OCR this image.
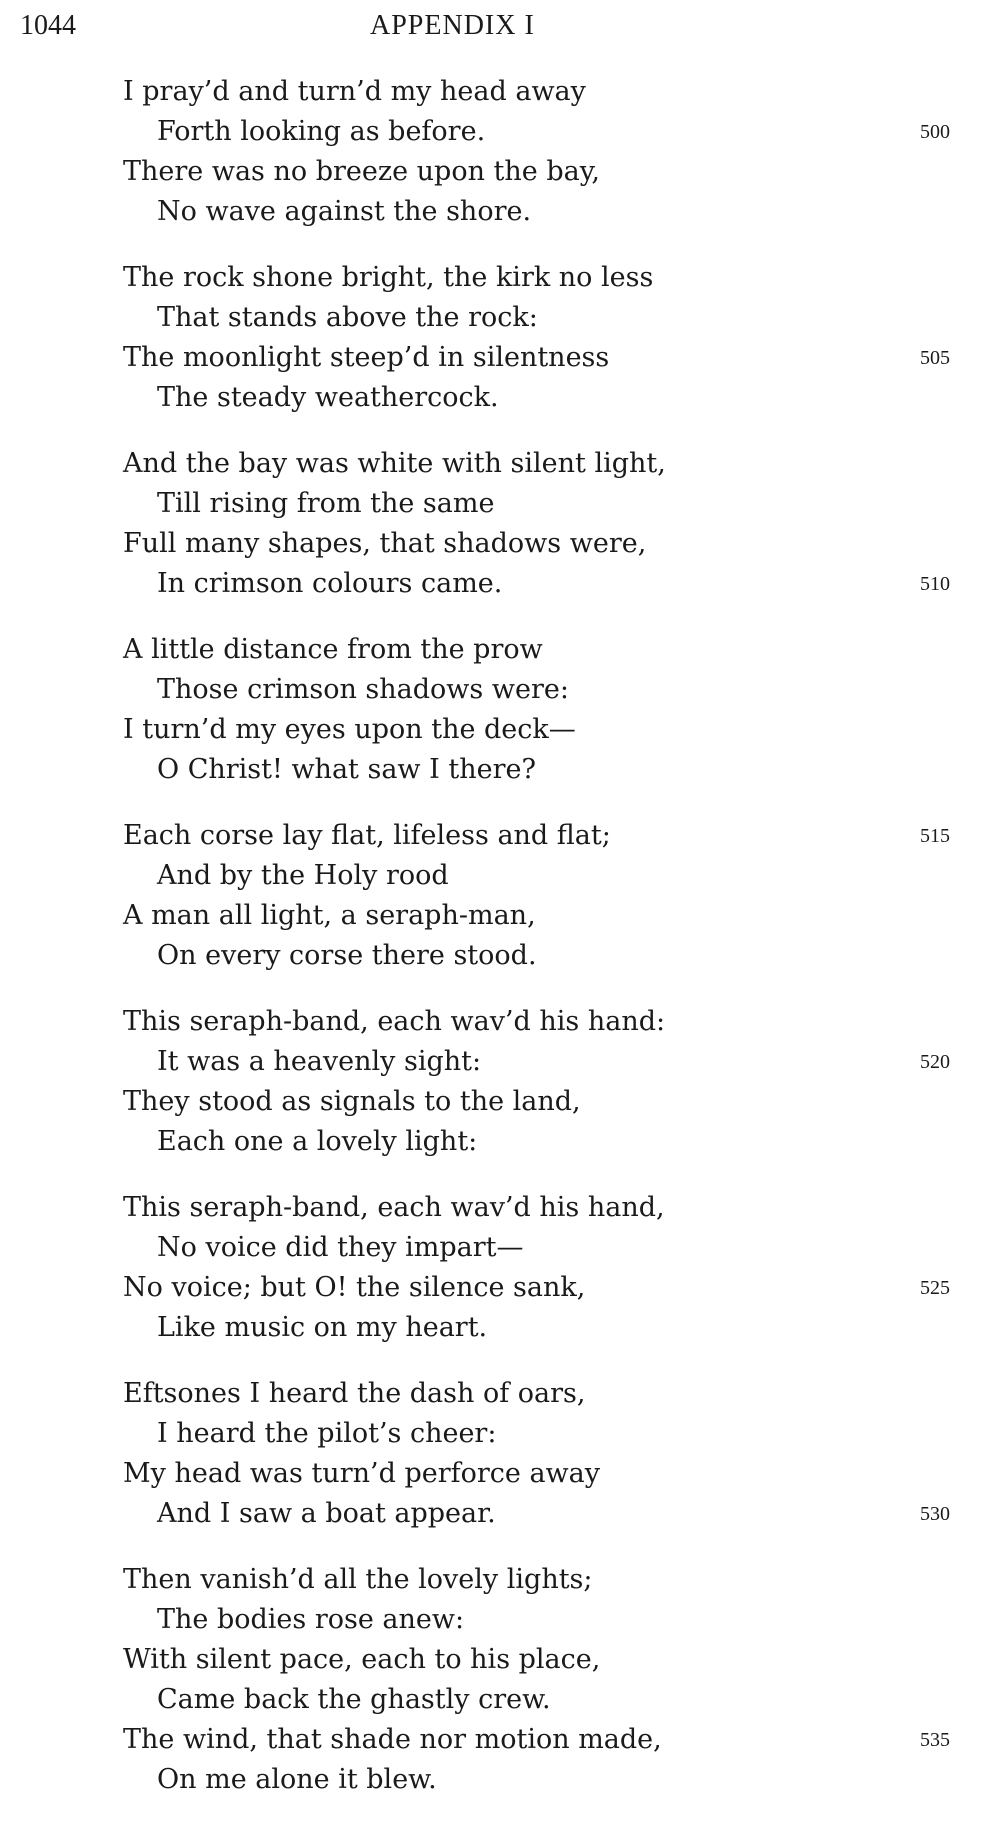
1044	APPENDIX I
I pray’d and turn’d my head away
Forth looking as before.	500
There was no breeze upon the bay,
No wave against the shore.
The rock shone bright, the kirk no less
That stands above the rock:
The moonlight steep’d in silentness	505
The steady weathercock.
And the bay was white with silent light,
Till rising from the same
Full many shapes, that shadows were,
In crimson colours came.	510
A little distance from the prow
Those crimson shadows were:
I turn’d my eyes upon the deck—
O Christ! what saw I there?
Each corse lay flat, lifeless and flat;	515
And by the Holy rood
A man all light, a seraph-man,
On every corse there stood.
This seraph-band, each wav’d his hand:
It was a heavenly sight:	520
They stood as signals to the land,
Each one a lovely light:
This seraph-band, each wav’d his hand,
No voice did they impart—
No voice; but O! the silence sank,	525
Like music on my heart.
Eftsones I heard the dash of oars,
I heard the pilot’s cheer:
My head was turn’d perforce away
And I saw a boat appear.	530
Then vanish’d all the lovely lights;
The bodies rose anew:
With silent pace, each to his place,
Came back the ghastly crew.
The wind, that shade nor motion made,	535
On me alone it blew.
